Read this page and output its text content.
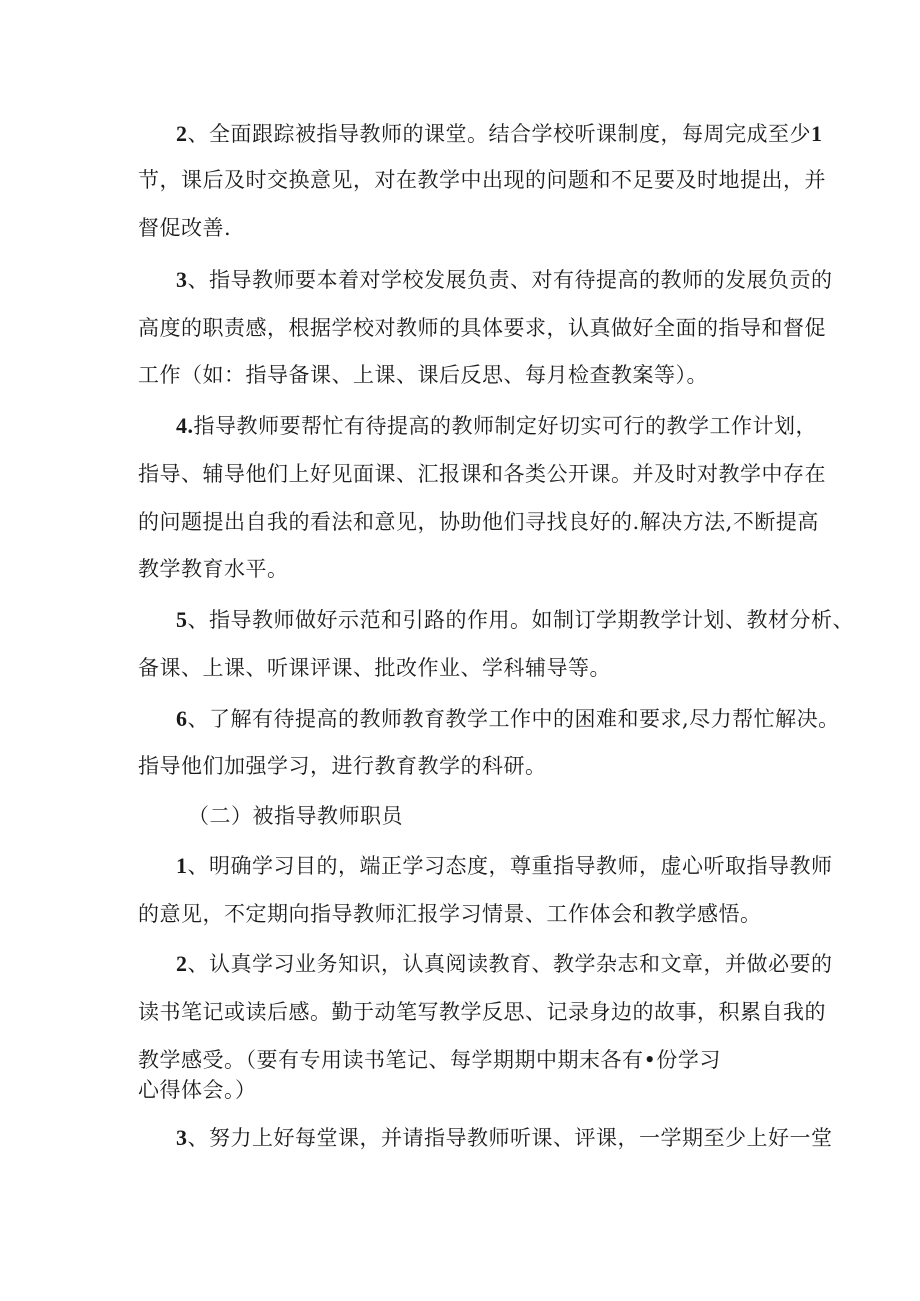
2、全面跟踪被指导教师的课堂。结合学校听课制度，每周完成至少1
节，课后及时交换意见，对在教学中出现的问题和不足要及时地提出，并
督促改善.
3、指导教师要本着对学校发展负责、对有待提高的教师的发展负贡的
高度的职责感，根据学校对教师的具体要求，认真做好全面的指导和督促
工作（如：指导备课、上课、课后反思、每月检查教案等）。
4.指导教师要帮忙有待提高的教师制定好切实可行的教学工作计划，
指导、辅导他们上好见面课、汇报课和各类公开课。并及时对教学中存在
的问题提出自我的看法和意见，协助他们寻找良好的.解决方法,不断提高
教学教育水平。
5、指导教师做好示范和引路的作用。如制订学期教学计划、教材分析、
备课、上课、听课评课、批改作业、学科辅导等。
6、了解有待提高的教师教育教学工作中的困难和要求,尽力帮忙解决。
指导他们加强学习，进行教育教学的科研。
（二）被指导教师职员
1、明确学习目的，端正学习态度，尊重指导教师，虚心听取指导教师
的意见，不定期向指导教师汇报学习情景、工作体会和教学感悟。
2、认真学习业务知识，认真阅读教育、教学杂志和文章，并做必要的
读书笔记或读后感。勤于动笔写教学反思、记录身边的故事，积累自我的
教学感受。（要有专用读书笔记、每学期期中期末各有•份学习
心得体会。）
3、努力上好每堂课，并请指导教师听课、评课，一学期至少上好一堂
